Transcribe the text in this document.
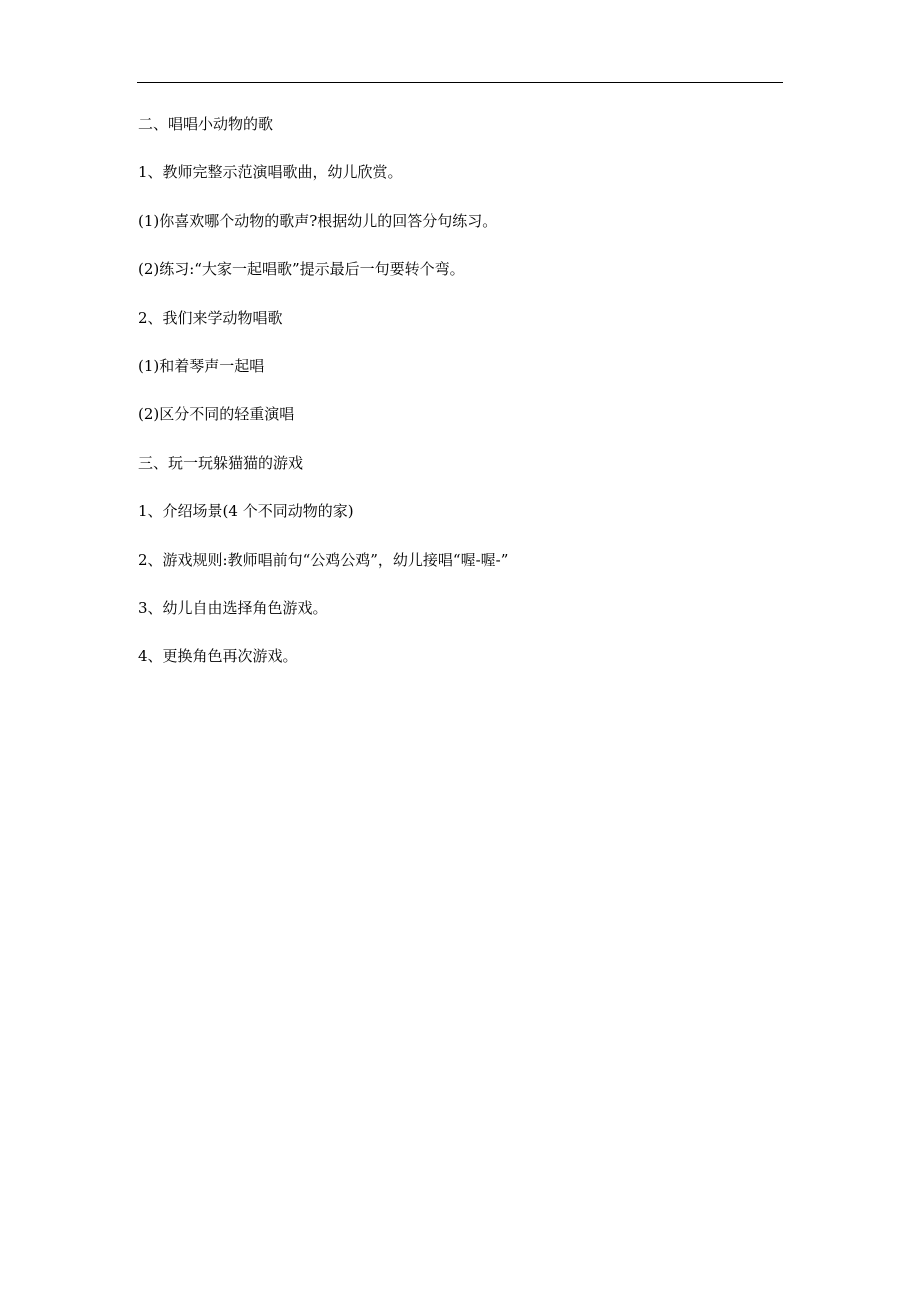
二、唱唱小动物的歌

1、教师完整示范演唱歌曲，幼儿欣赏。

(1)你喜欢哪个动物的歌声?根据幼儿的回答分句练习。

(2)练习:“大家一起唱歌”提示最后一句要转个弯。

2、我们来学动物唱歌

(1)和着琴声一起唱

(2)区分不同的轻重演唱

三、玩一玩躲猫猫的游戏

1、介绍场景(4 个不同动物的家)

2、游戏规则:教师唱前句“公鸡公鸡”，幼儿接唱“喔-喔-”

3、幼儿自由选择角色游戏。

4、更换角色再次游戏。
